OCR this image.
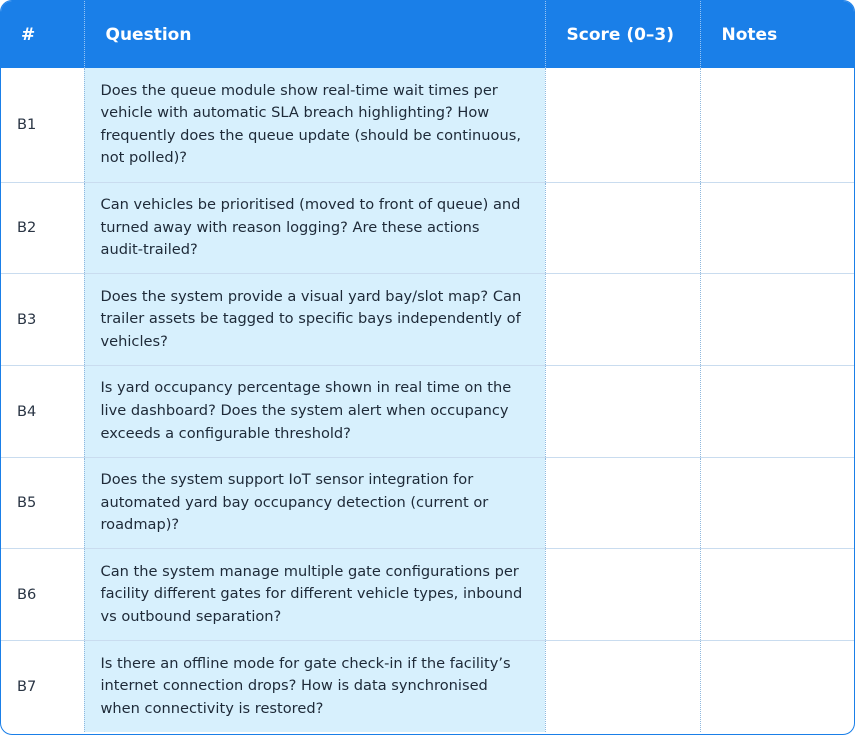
#	Question	Score (0–3)	Notes
B1	Does the queue module show real-time wait times per vehicle with automatic SLA breach highlighting? How frequently does the queue update (should be continuous, not polled)?		
B2	Can vehicles be prioritised (moved to front of queue) and turned away with reason logging? Are these actions audit-trailed?		
B3	Does the system provide a visual yard bay/slot map? Can trailer assets be tagged to specific bays independently of vehicles?		
B4	Is yard occupancy percentage shown in real time on the live dashboard? Does the system alert when occupancy exceeds a configurable threshold?		
B5	Does the system support IoT sensor integration for automated yard bay occupancy detection (current or roadmap)?		
B6	Can the system manage multiple gate configurations per facility different gates for different vehicle types, inbound vs outbound separation?		
B7	Is there an offline mode for gate check-in if the facility’s internet connection drops? How is data synchronised when connectivity is restored?		
